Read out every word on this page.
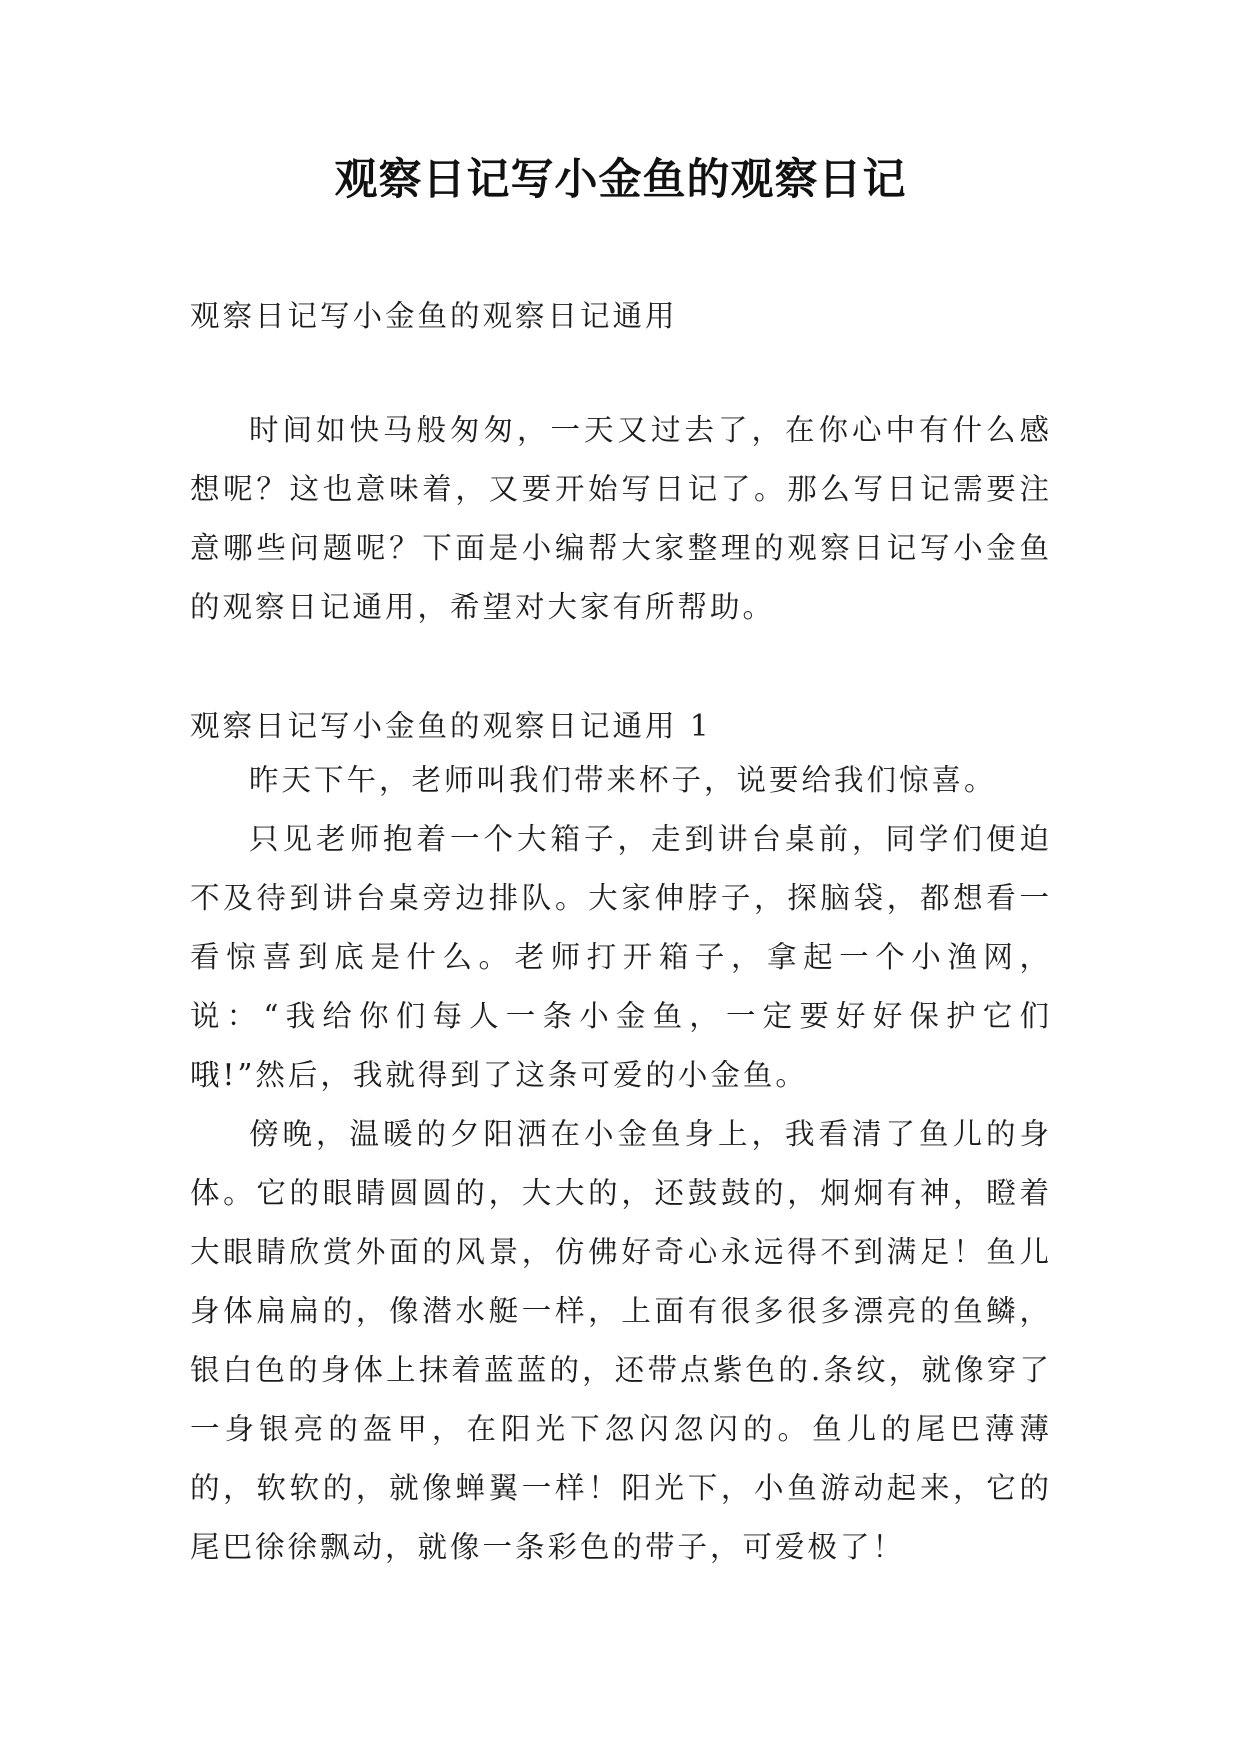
观察日记写小金鱼的观察日记

观察日记写小金鱼的观察日记通用

时间如快马般匆匆，一天又过去了，在你心中有什么感想呢？这也意味着，又要开始写日记了。那么写日记需要注意哪些问题呢？下面是小编帮大家整理的观察日记写小金鱼的观察日记通用，希望对大家有所帮助。

观察日记写小金鱼的观察日记通用 1

昨天下午，老师叫我们带来杯子，说要给我们惊喜。

只见老师抱着一个大箱子，走到讲台桌前，同学们便迫不及待到讲台桌旁边排队。大家伸脖子，探脑袋，都想看一看惊喜到底是什么。老师打开箱子，拿起一个小渔网，说：“我给你们每人一条小金鱼，一定要好好保护它们哦!”然后，我就得到了这条可爱的小金鱼。

傍晚，温暖的夕阳洒在小金鱼身上，我看清了鱼儿的身体。它的眼睛圆圆的，大大的，还鼓鼓的，炯炯有神，瞪着大眼睛欣赏外面的风景，仿佛好奇心永远得不到满足！鱼儿身体扁扁的，像潜水艇一样，上面有很多很多漂亮的鱼鳞，银白色的身体上抹着蓝蓝的，还带点紫色的.条纹，就像穿了一身银亮的盔甲，在阳光下忽闪忽闪的。鱼儿的尾巴薄薄的，软软的，就像蝉翼一样！阳光下，小鱼游动起来，它的尾巴徐徐飘动，就像一条彩色的带子，可爱极了！
